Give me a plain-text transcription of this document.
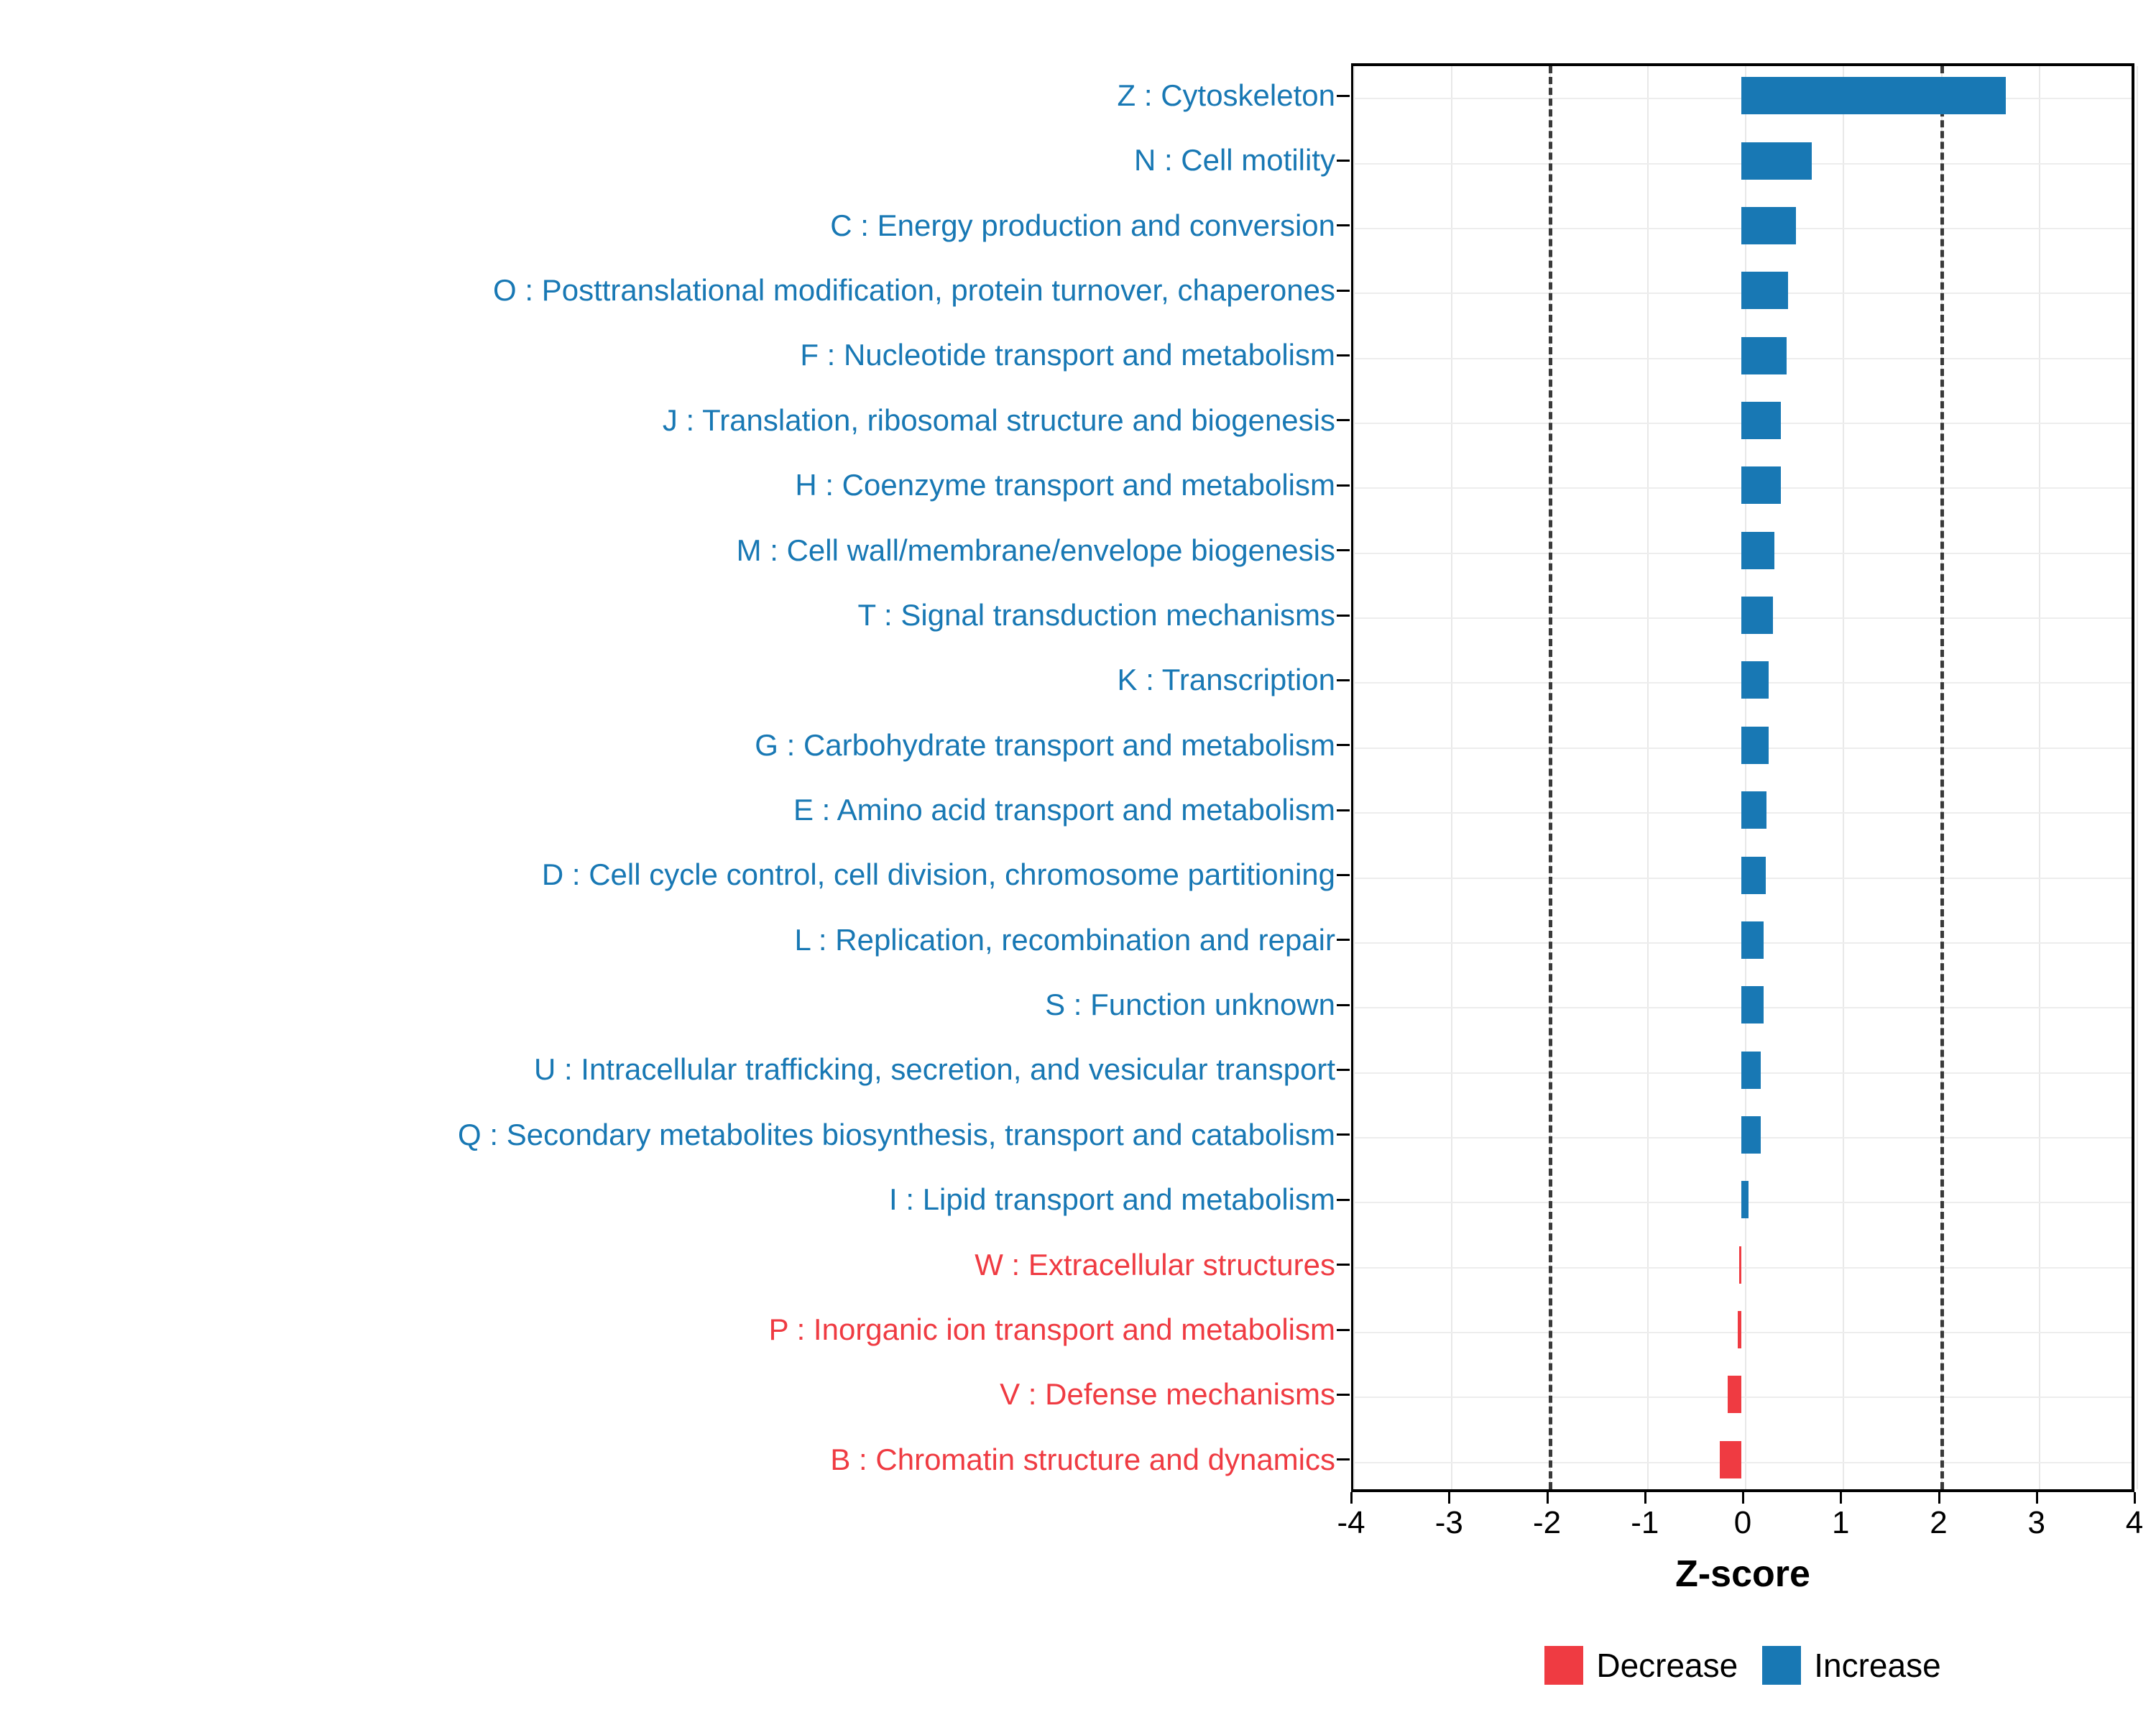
Z : Cytoskeleton
N : Cell motility
C : Energy production and conversion
O : Posttranslational modification, protein turnover, chaperones
F : Nucleotide transport and metabolism
J : Translation, ribosomal structure and biogenesis
H : Coenzyme transport and metabolism
M : Cell wall/membrane/envelope biogenesis
T : Signal transduction mechanisms
K : Transcription
G : Carbohydrate transport and metabolism
E : Amino acid transport and metabolism
D : Cell cycle control, cell division, chromosome partitioning
L : Replication, recombination and repair
S : Function unknown
U : Intracellular trafficking, secretion, and vesicular transport
Q : Secondary metabolites biosynthesis, transport and catabolism
I : Lipid transport and metabolism
W : Extracellular structures
P : Inorganic ion transport and metabolism
V : Defense mechanisms
B : Chromatin structure and dynamics
-4 -3 -2 -1 0	1	2	3	4
Z-score
Decrease Increase
